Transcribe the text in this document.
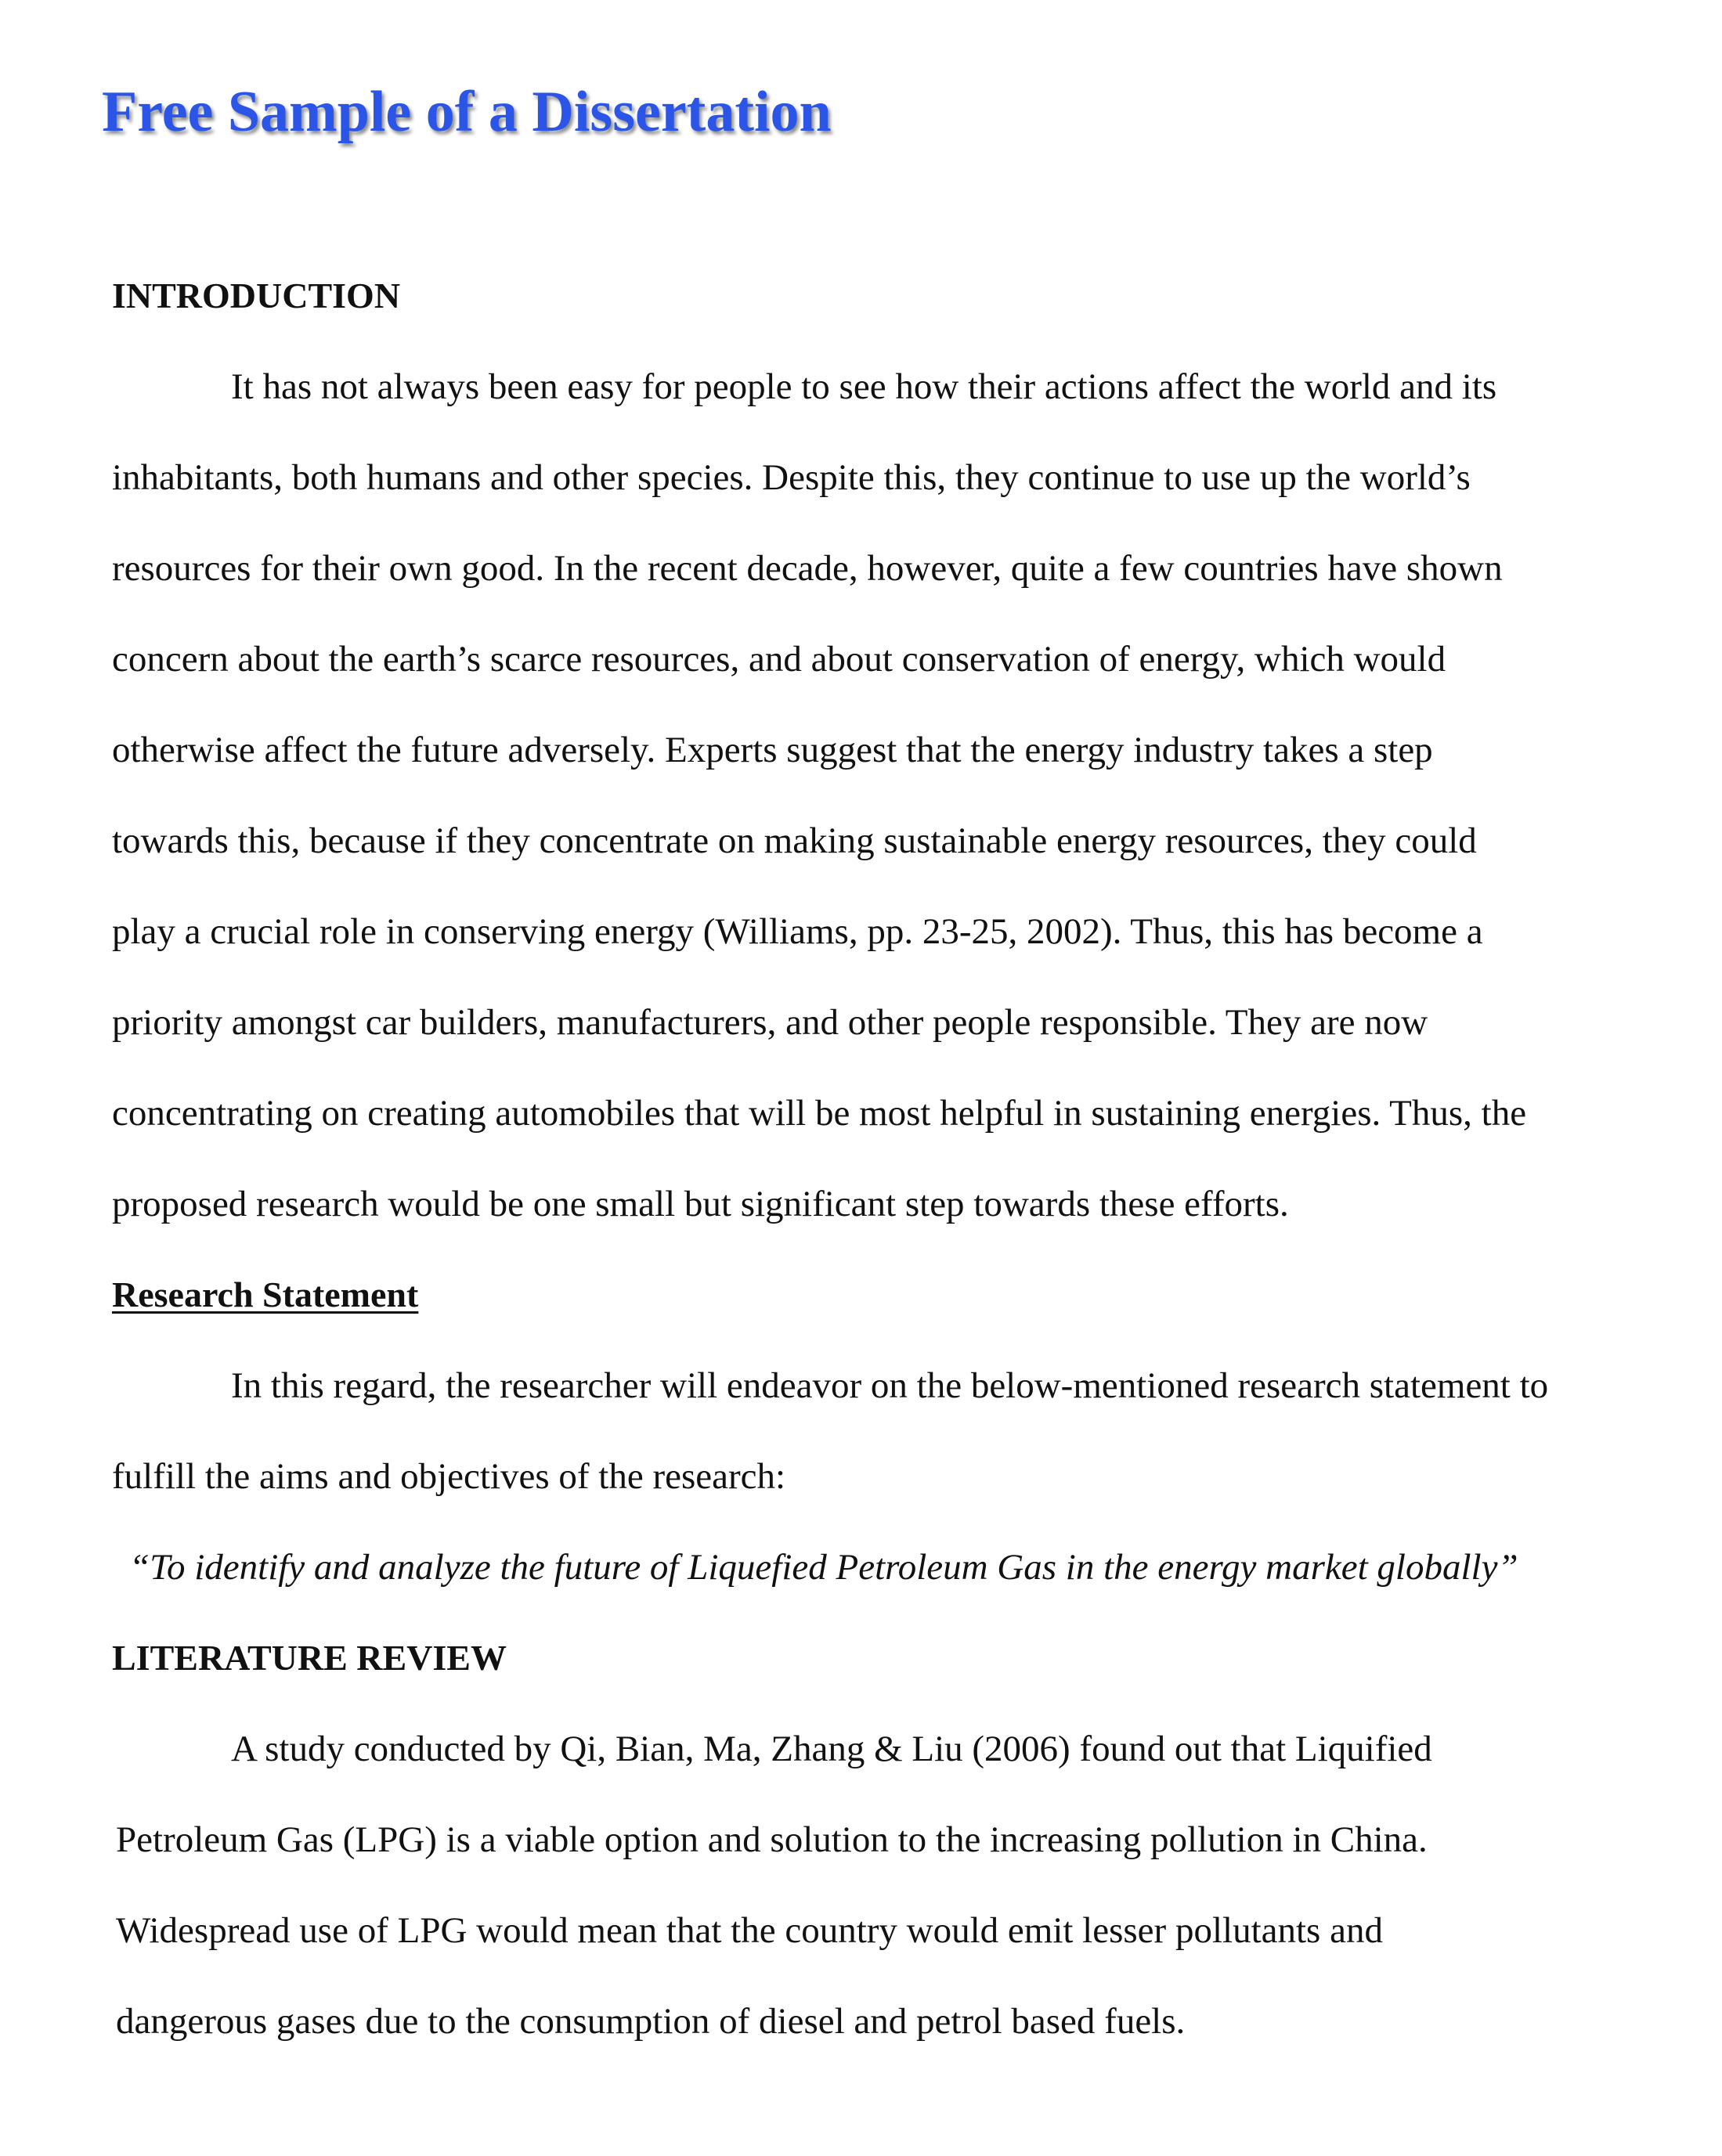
Free Sample of a Dissertation
INTRODUCTION

It has not always been easy for people to see how their actions affect the world and its

inhabitants, both humans and other species. Despite this, they continue to use up the world’s

resources for their own good. In the recent decade, however, quite a few countries have shown

concern about the earth’s scarce resources, and about conservation of energy, which would

otherwise affect the future adversely. Experts suggest that the energy industry takes a step

towards this, because if they concentrate on making sustainable energy resources, they could

play a crucial role in conserving energy (Williams, pp. 23-25, 2002). Thus, this has become a

priority amongst car builders, manufacturers, and other people responsible. They are now

concentrating on creating automobiles that will be most helpful in sustaining energies. Thus, the

proposed research would be one small but significant step towards these efforts.

Research Statement

In this regard, the researcher will endeavor on the below-mentioned research statement to

fulfill the aims and objectives of the research:

“To identify and analyze the future of Liquefied Petroleum Gas in the energy market globally”

LITERATURE REVIEW

A study conducted by Qi, Bian, Ma, Zhang & Liu (2006) found out that Liquified

Petroleum Gas (LPG) is a viable option and solution to the increasing pollution in China.

Widespread use of LPG would mean that the country would emit lesser pollutants and

dangerous gases due to the consumption of diesel and petrol based fuels.
